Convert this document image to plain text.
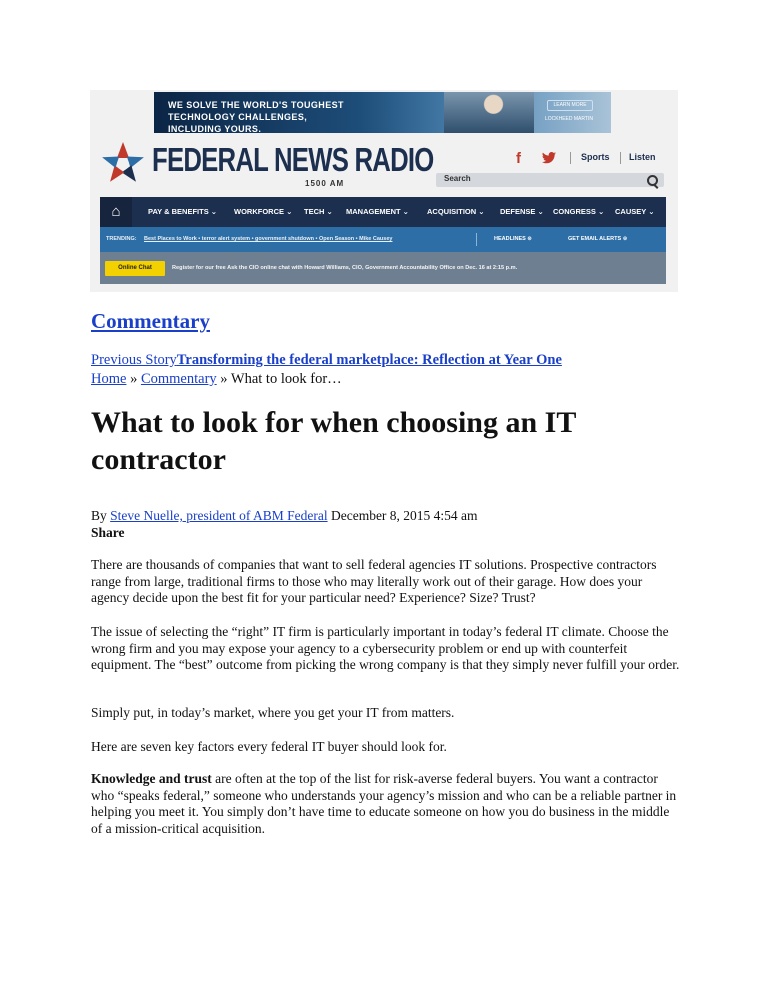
WE SOLVE THE WORLD'S TOUGHEST TECHNOLOGY CHALLENGES, INCLUDING YOURS.
LEARN MORE
LOCKHEED MARTIN
FEDERAL NEWS RADIO
1500 AM
f	Sports Listen
Search
⌂	PAY & BENEFITS ⌄ WORKFORCE ⌄ TECH ⌄ MANAGEMENT ⌄ ACQUISITION ⌄ DEFENSE ⌄ CONGRESS ⌄ CAUSEY ⌄
TRENDING: Best Places to Work • terror alert system • government shutdown • Open Season • Mike Causey	HEADLINES ⊛	GET EMAIL ALERTS ⊛
Online Chat	Register for our free Ask the CIO online chat with Howard Williams, CIO, Government Accountability Office on Dec. 16 at 2:15 p.m.
Commentary
Previous StoryTransforming the federal marketplace: Reflection at Year One
Home » Commentary » What to look for…
What to look for when choosing an IT contractor
By Steve Nuelle, president of ABM Federal December 8, 2015 4:54 am
Share

There are thousands of companies that want to sell federal agencies IT solutions. Prospective contractors range from large, traditional firms to those who may literally work out of their garage. How does your agency decide upon the best fit for your particular need? Experience? Size? Trust?

The issue of selecting the “right” IT firm is particularly important in today’s federal IT climate. Choose the wrong firm and you may expose your agency to a cybersecurity problem or end up with counterfeit equipment. The “best” outcome from picking the wrong company is that they simply never fulfill your order.

Simply put, in today’s market, where you get your IT from matters.

Here are seven key factors every federal IT buyer should look for.

Knowledge and trust are often at the top of the list for risk-averse federal buyers. You want a contractor who “speaks federal,” someone who understands your agency’s mission and who can be a reliable partner in helping you meet it. You simply don’t have time to educate someone on how you do business in the middle of a mission-critical acquisition.
